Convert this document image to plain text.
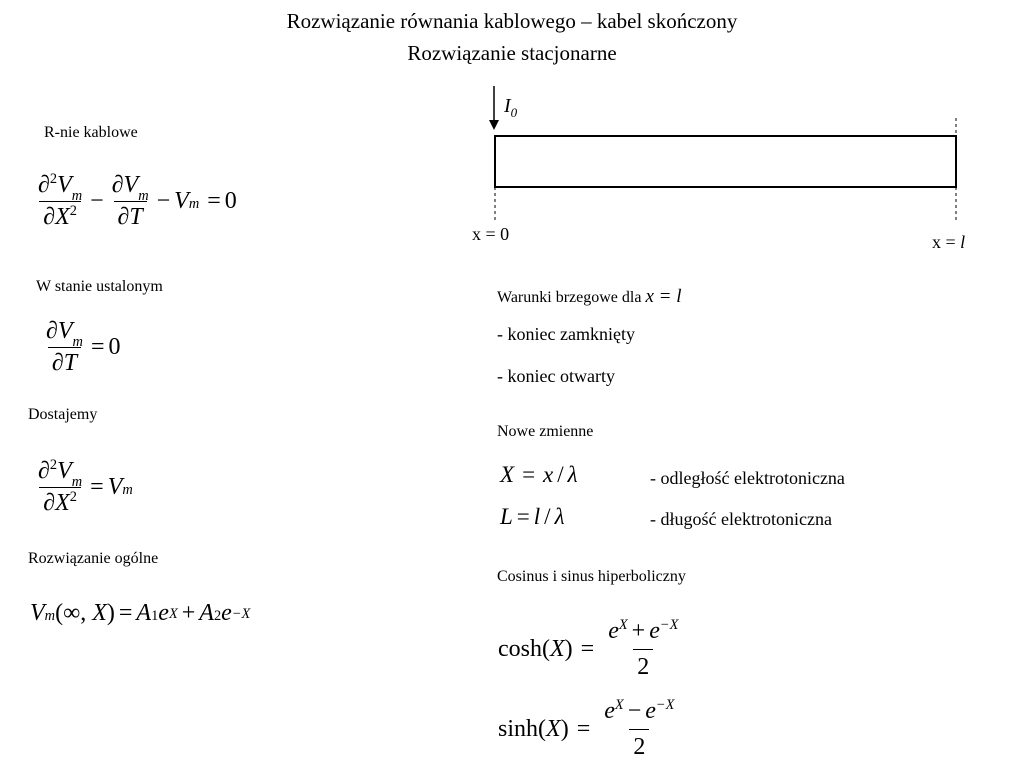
Rozwiązanie równania kablowego – kabel skończony
Rozwiązanie stacjonarne
R-nie kablowe
$\frac{\partial^2V_m}{\partial X^2} - \frac{\partial V_m}{\partial T} - V_m = 0$
W stanie ustalonym
$\frac{\partial V_m}{\partial T} = 0$
Dostajemy
$\frac{\partial^2V_m}{\partial X^2} = V_m$
Rozwiązanie ogólne
$V_m$ ( ∞ ,
X ) = $A_1$ e $X + A_2$ e −X
$I_0$
x = 0	x = l
Warunki brzegowe dla x = l
- koniec zamknięty
- koniec otwarty
Nowe zmienne
X = x / λ	- odległość elektrotoniczna
L = l / λ	- długość elektrotoniczna
Cosinus i sinus hiperboliczny
cosh ( X ) = $\frac{e^X + e^{-X}}{2}$
sinh ( X ) = $\frac{e^X - e^{-X}}{2}$
